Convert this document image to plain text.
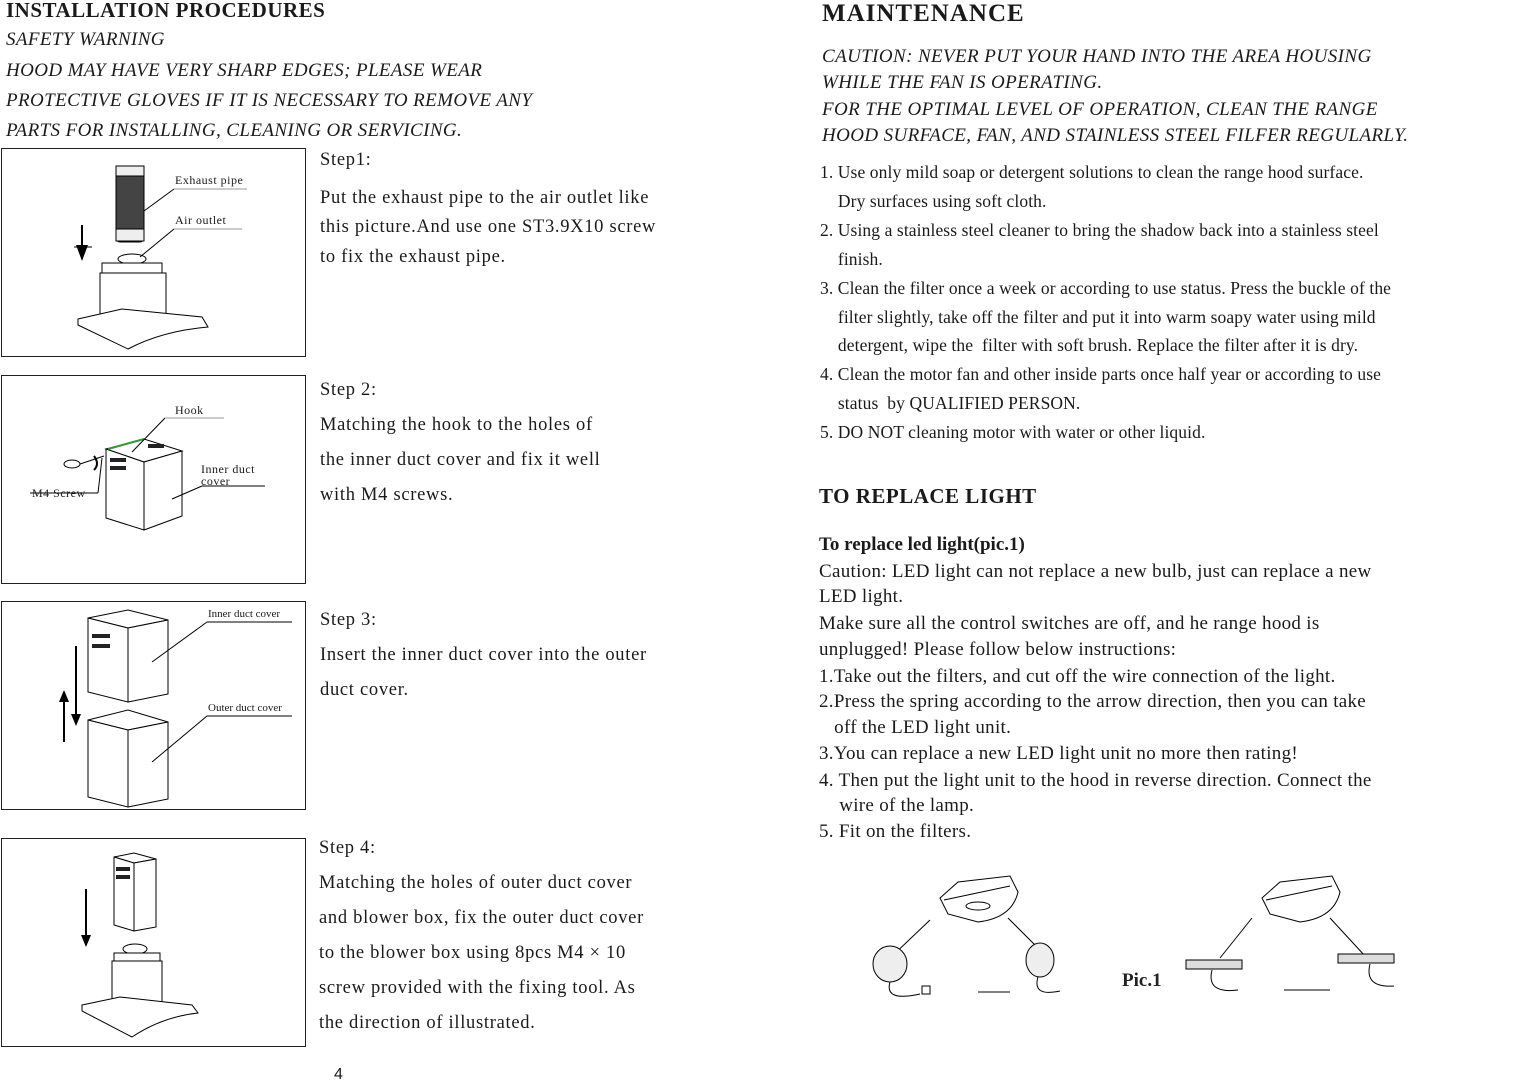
INSTALLATION PROCEDURES
SAFETY WARNING
HOOD MAY HAVE VERY SHARP EDGES; PLEASE WEAR
PROTECTIVE GLOVES IF IT IS NECESSARY TO REMOVE ANY
PARTS FOR INSTALLING, CLEANING OR SERVICING.
Exhaust pipe
Air outlet
Hook
Inner duct
cover
M4 Screw
Inner duct cover
Outer duct cover
Step1:
Put the exhaust pipe to the air outlet like
this picture.And use one ST3.9X10 screw
to fix the exhaust pipe.
Step 2:
Matching the hook to the holes of
the inner duct cover and fix it well
with M4 screws.
Step 3:
Insert the inner duct cover into the outer
duct cover.
Step 4:
Matching the holes of outer duct cover
and blower box, fix the outer duct cover
to the blower box using 8pcs M4 × 10
screw provided with the fixing tool. As
the direction of illustrated.
4
MAINTENANCE
CAUTION: NEVER PUT YOUR HAND INTO THE AREA HOUSING
WHILE THE FAN IS OPERATING.
FOR THE OPTIMAL LEVEL OF OPERATION, CLEAN THE RANGE
HOOD SURFACE, FAN, AND STAINLESS STEEL FILFER REGULARLY.
1. Use only mild soap or detergent solutions to clean the range hood surface.
Dry surfaces using soft cloth.
2. Using a stainless steel cleaner to bring the shadow back into a stainless steel
finish.
3. Clean the filter once a week or according to use status. Press the buckle of the
filter slightly, take off the filter and put it into warm soapy water using mild
detergent, wipe the  filter with soft brush. Replace the filter after it is dry.
4. Clean the motor fan and other inside parts once half year or according to use
status  by QUALIFIED PERSON.
5. DO NOT cleaning motor with water or other liquid.
TO REPLACE LIGHT
To replace led light(pic.1)
Caution: LED light can not replace a new bulb, just can replace a new
LED light.
Make sure all the control switches are off, and he range hood is
unplugged! Please follow below instructions:
1.Take out the filters, and cut off the wire connection of the light.
2.Press the spring according to the arrow direction, then you can take
off the LED light unit.
3.You can replace a new LED light unit no more then rating!
4. Then put the light unit to the hood in reverse direction. Connect the
wire of the lamp.
5. Fit on the filters.
Pic.1
